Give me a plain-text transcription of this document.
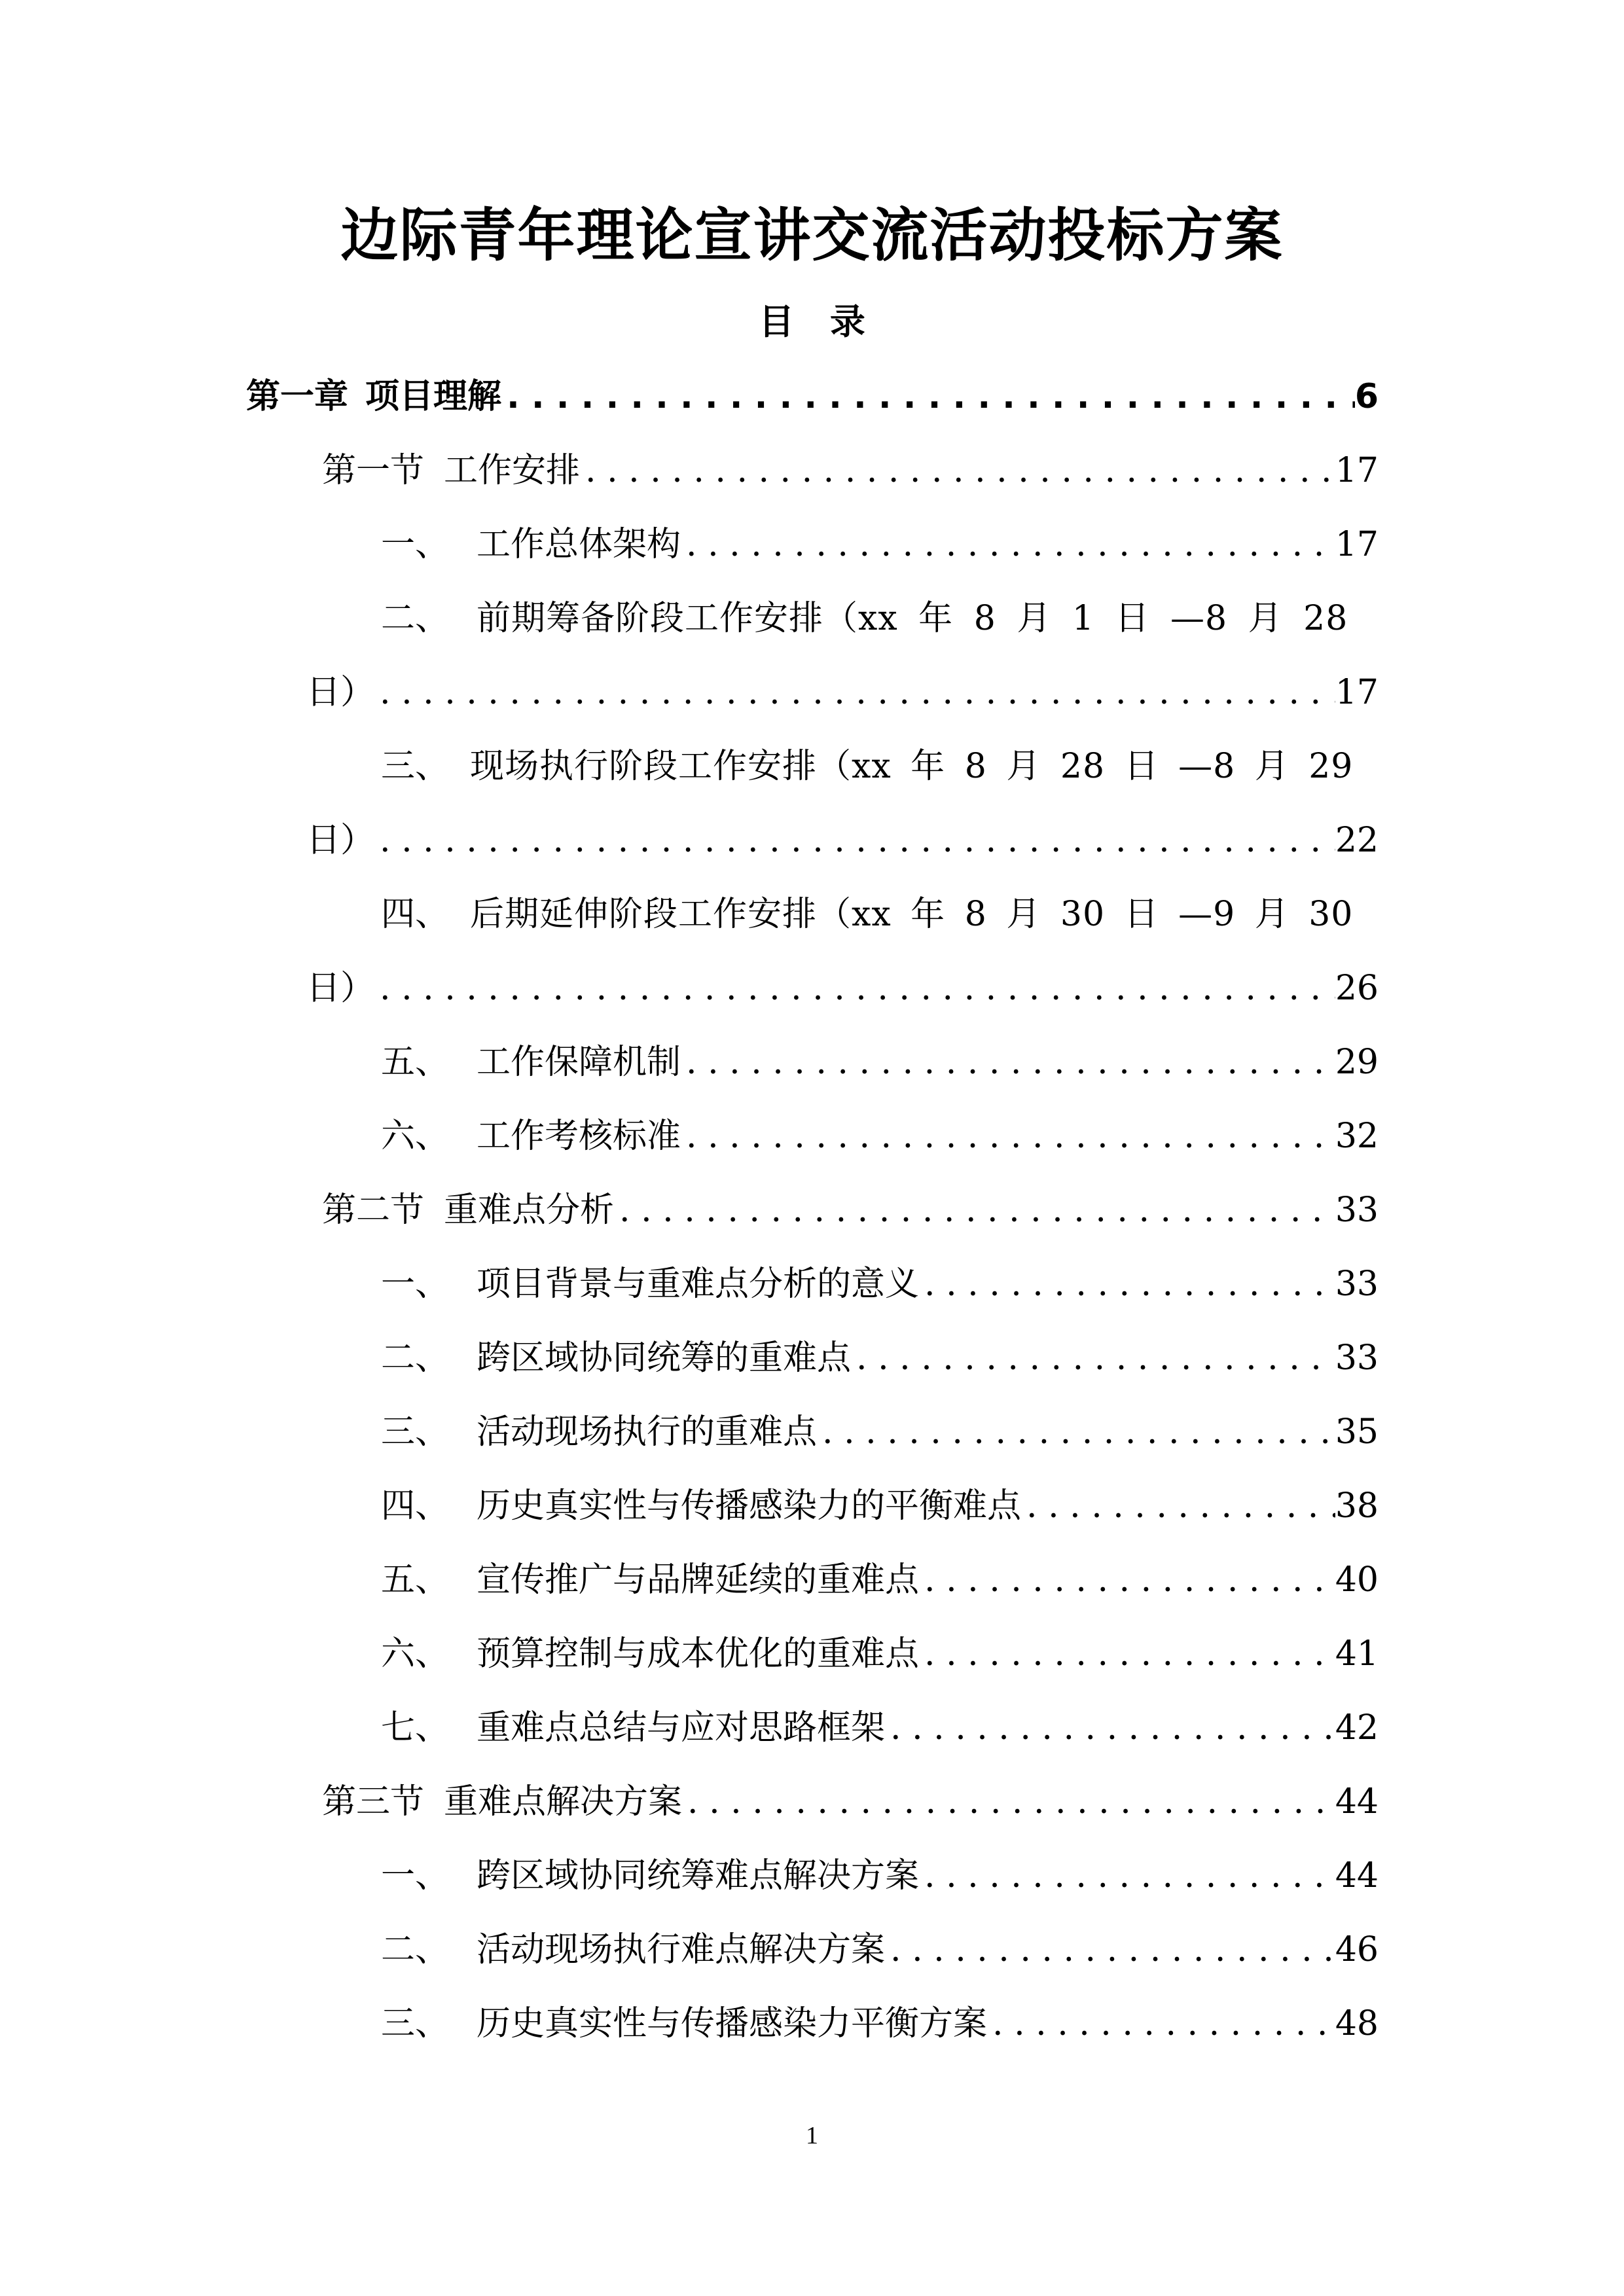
边际青年理论宣讲交流活动投标方案
目 录
第一章 项目理解 . . .	6
第一节 工作安排 . . .	17
一、 工作总体架构 . . .	17
二、 前期筹备阶段工作安排（xx 年 8 月 1 日 —8 月 28
日） . . .	17
三、 现场执行阶段工作安排（xx 年 8 月 28 日 —8 月 29
日） . . .	22
四、 后期延伸阶段工作安排（xx 年 8 月 30 日 —9 月 30
日） . . .	26
五、 工作保障机制 . . .	29
六、 工作考核标准 . . .	32
第二节 重难点分析 . . .	33
一、 项目背景与重难点分析的意义 . . .	33
二、 跨区域协同统筹的重难点 . . .	33
三、 活动现场执行的重难点 . . .	35
四、 历史真实性与传播感染力的平衡难点 . . .	38
五、 宣传推广与品牌延续的重难点 . . .	40
六、 预算控制与成本优化的重难点 . . .	41
七、 重难点总结与应对思路框架 . . .	42
第三节 重难点解决方案 . . .	44
一、 跨区域协同统筹难点解决方案 . . .	44
二、 活动现场执行难点解决方案 . . .	46
三、 历史真实性与传播感染力平衡方案 . . .	48
1
